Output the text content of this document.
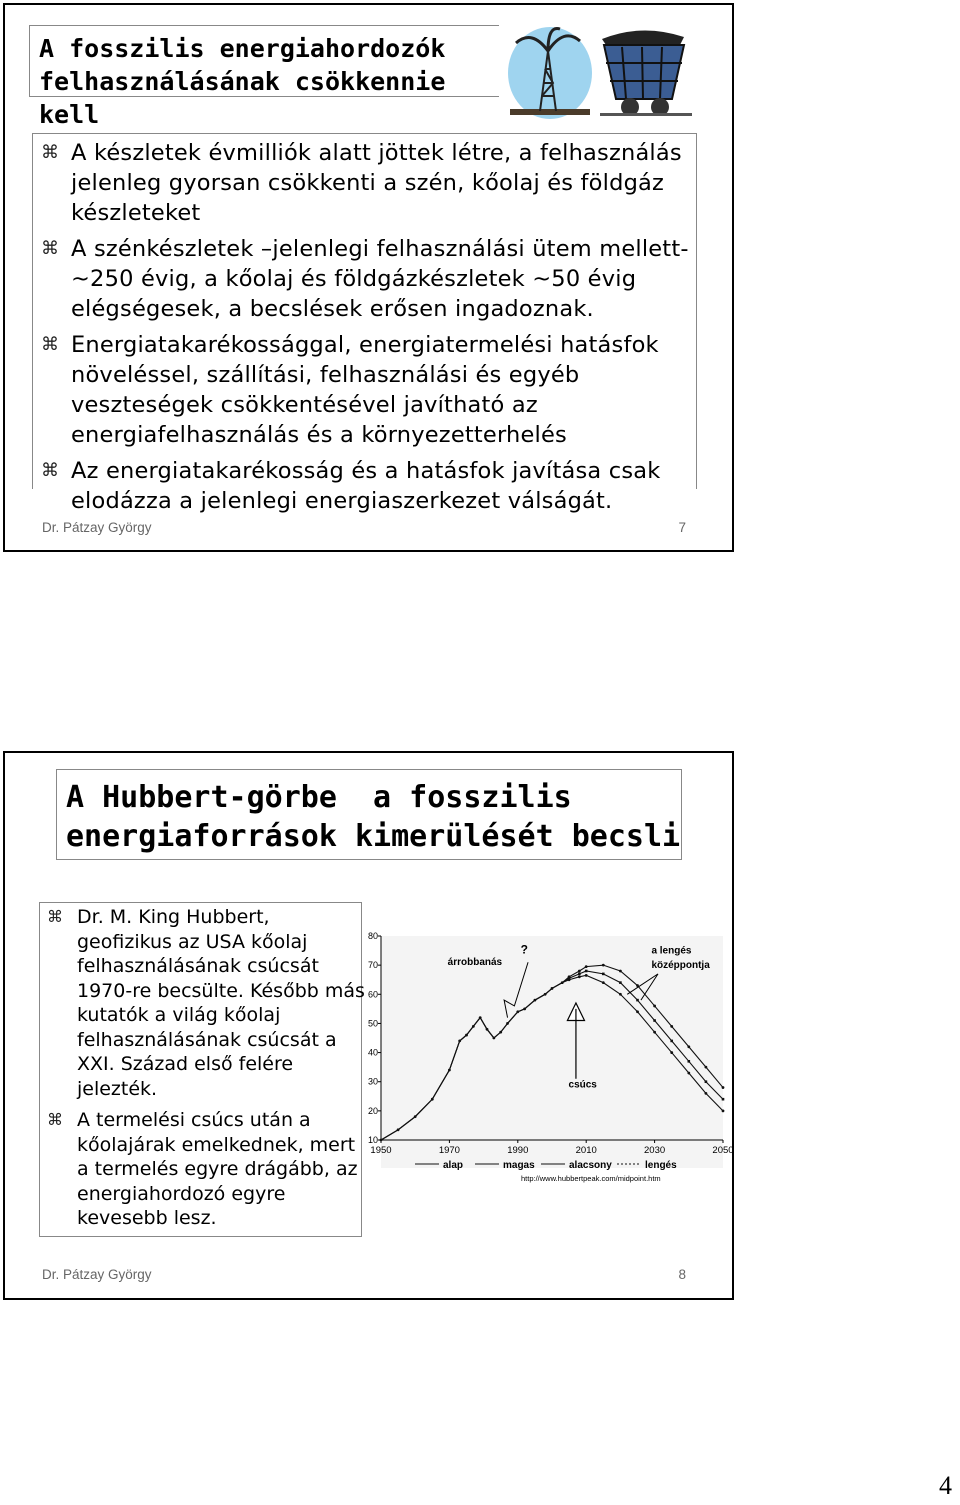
A fosszilis energiahordozók
felhasználásának csökkennie kell
⌘ A készletek évmilliók alatt jöttek létre, a felhasználás jelenleg gyorsan csökkenti a szén, kőolaj és földgáz készleteket
⌘ A szénkészletek –jelenlegi felhasználási ütem mellett- ~250 évig, a kőolaj és földgázkészletek ~50 évig elégségesek, a becslések erősen ingadoznak.
⌘ Energiatakarékossággal, energiatermelési hatásfok növeléssel, szállítási, felhasználási és egyéb veszteségek csökkentésével javítható az energiafelhasználás és a környezetterhelés
⌘ Az energiatakarékosság és a hatásfok javítása csak elodázza a jelenlegi energiaszerkezet válságát.
Dr. Pátzay György	7
A Hubbert-görbe  a fosszilis
energiaforrások kimerülését becsli
⌘ Dr. M. King Hubbert, geofizikus az USA kőolaj felhasználásának csúcsát 1970-re becsülte. Később más kutatók a világ kőolaj felhasználásának csúcsát a XXI. Század első felére jelezték.
⌘ A termelési csúcs után a kőolajárak emelkednek, mert a termelés egyre drágább, az energiahordozó egyre kevesebb lesz.
80
70
60
50
40
30
20
10
1950	1970	1990	2010	2030	2050
árrobbanás
?	a lengés
középpontja
csúcs
alap	magas	alacsony	lengés
http://www.hubbertpeak.com/midpoint.htm
Dr. Pátzay György	8
4
